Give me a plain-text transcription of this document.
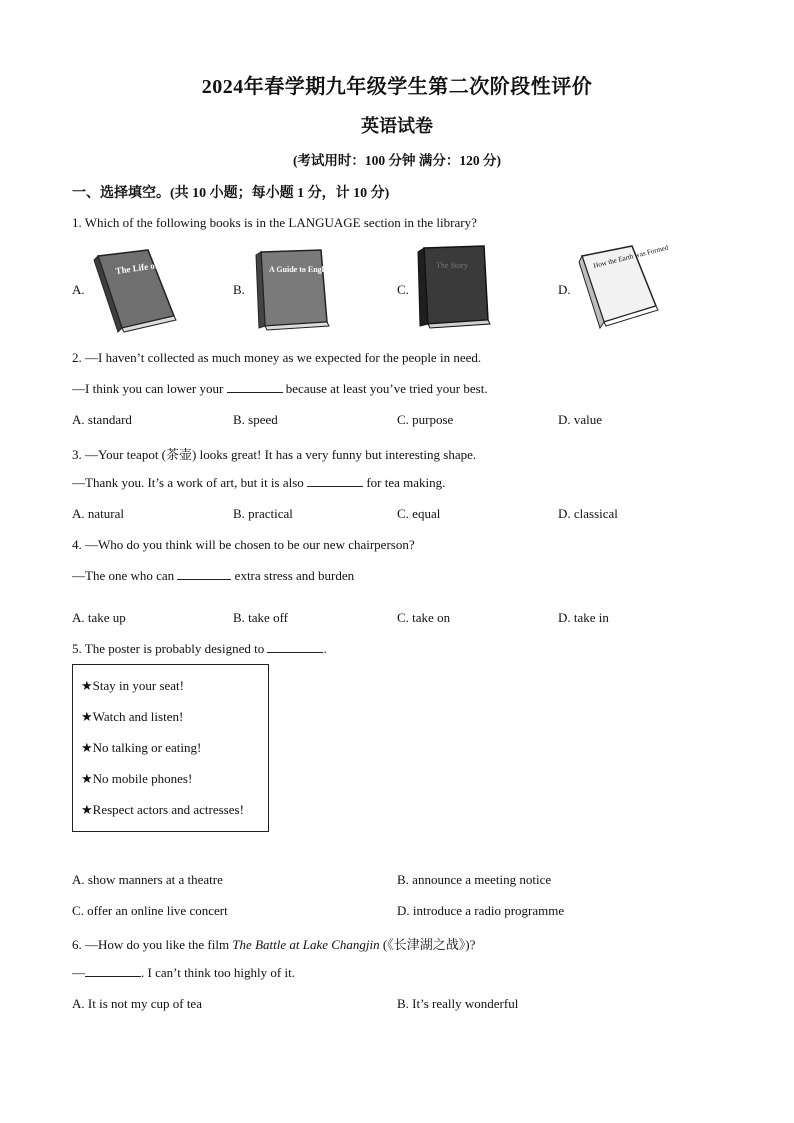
2024年春学期九年级学生第二次阶段性评价
英语试卷
(考试用时：100 分钟 满分：120 分)
一、选择填空。(共 10 小题；每小题 1 分，计 10 分)
1. Which of the following books is in the LANGUAGE section in the library?
A.
The Life of a Plant
B.
A Guide to English Grammar
C.
The Story
D.
How the Earth was Formed
2. —I haven’t collected as much money as we expected for the people in need.
—I think you can lower your	because at least you’ve tried your best.
A. standard	B. speed	C. purpose	D. value
3. —Your teapot (茶壶) looks great! It has a very funny but interesting shape.
—Thank you. It’s a work of art, but it is also	for tea making.
A. natural	B. practical	C. equal	D. classical
4. —Who do you think will be chosen to be our new chairperson?
—The one who can	extra stress and burden
A. take up	B. take off	C. take on	D. take in
5. The poster is probably designed to	.
★Stay in your seat!
★Watch and listen!
★No talking or eating!
★No mobile phones!
★Respect actors and actresses!
A. show manners at a theatre	B. announce a meeting notice
C. offer an online live concert	D. introduce a radio programme
6. —How do you like the film The Battle at Lake Changjin (《长津湖之战》)?
—	. I can’t think too highly of it.
A. It is not my cup of tea	B. It’s really wonderful
